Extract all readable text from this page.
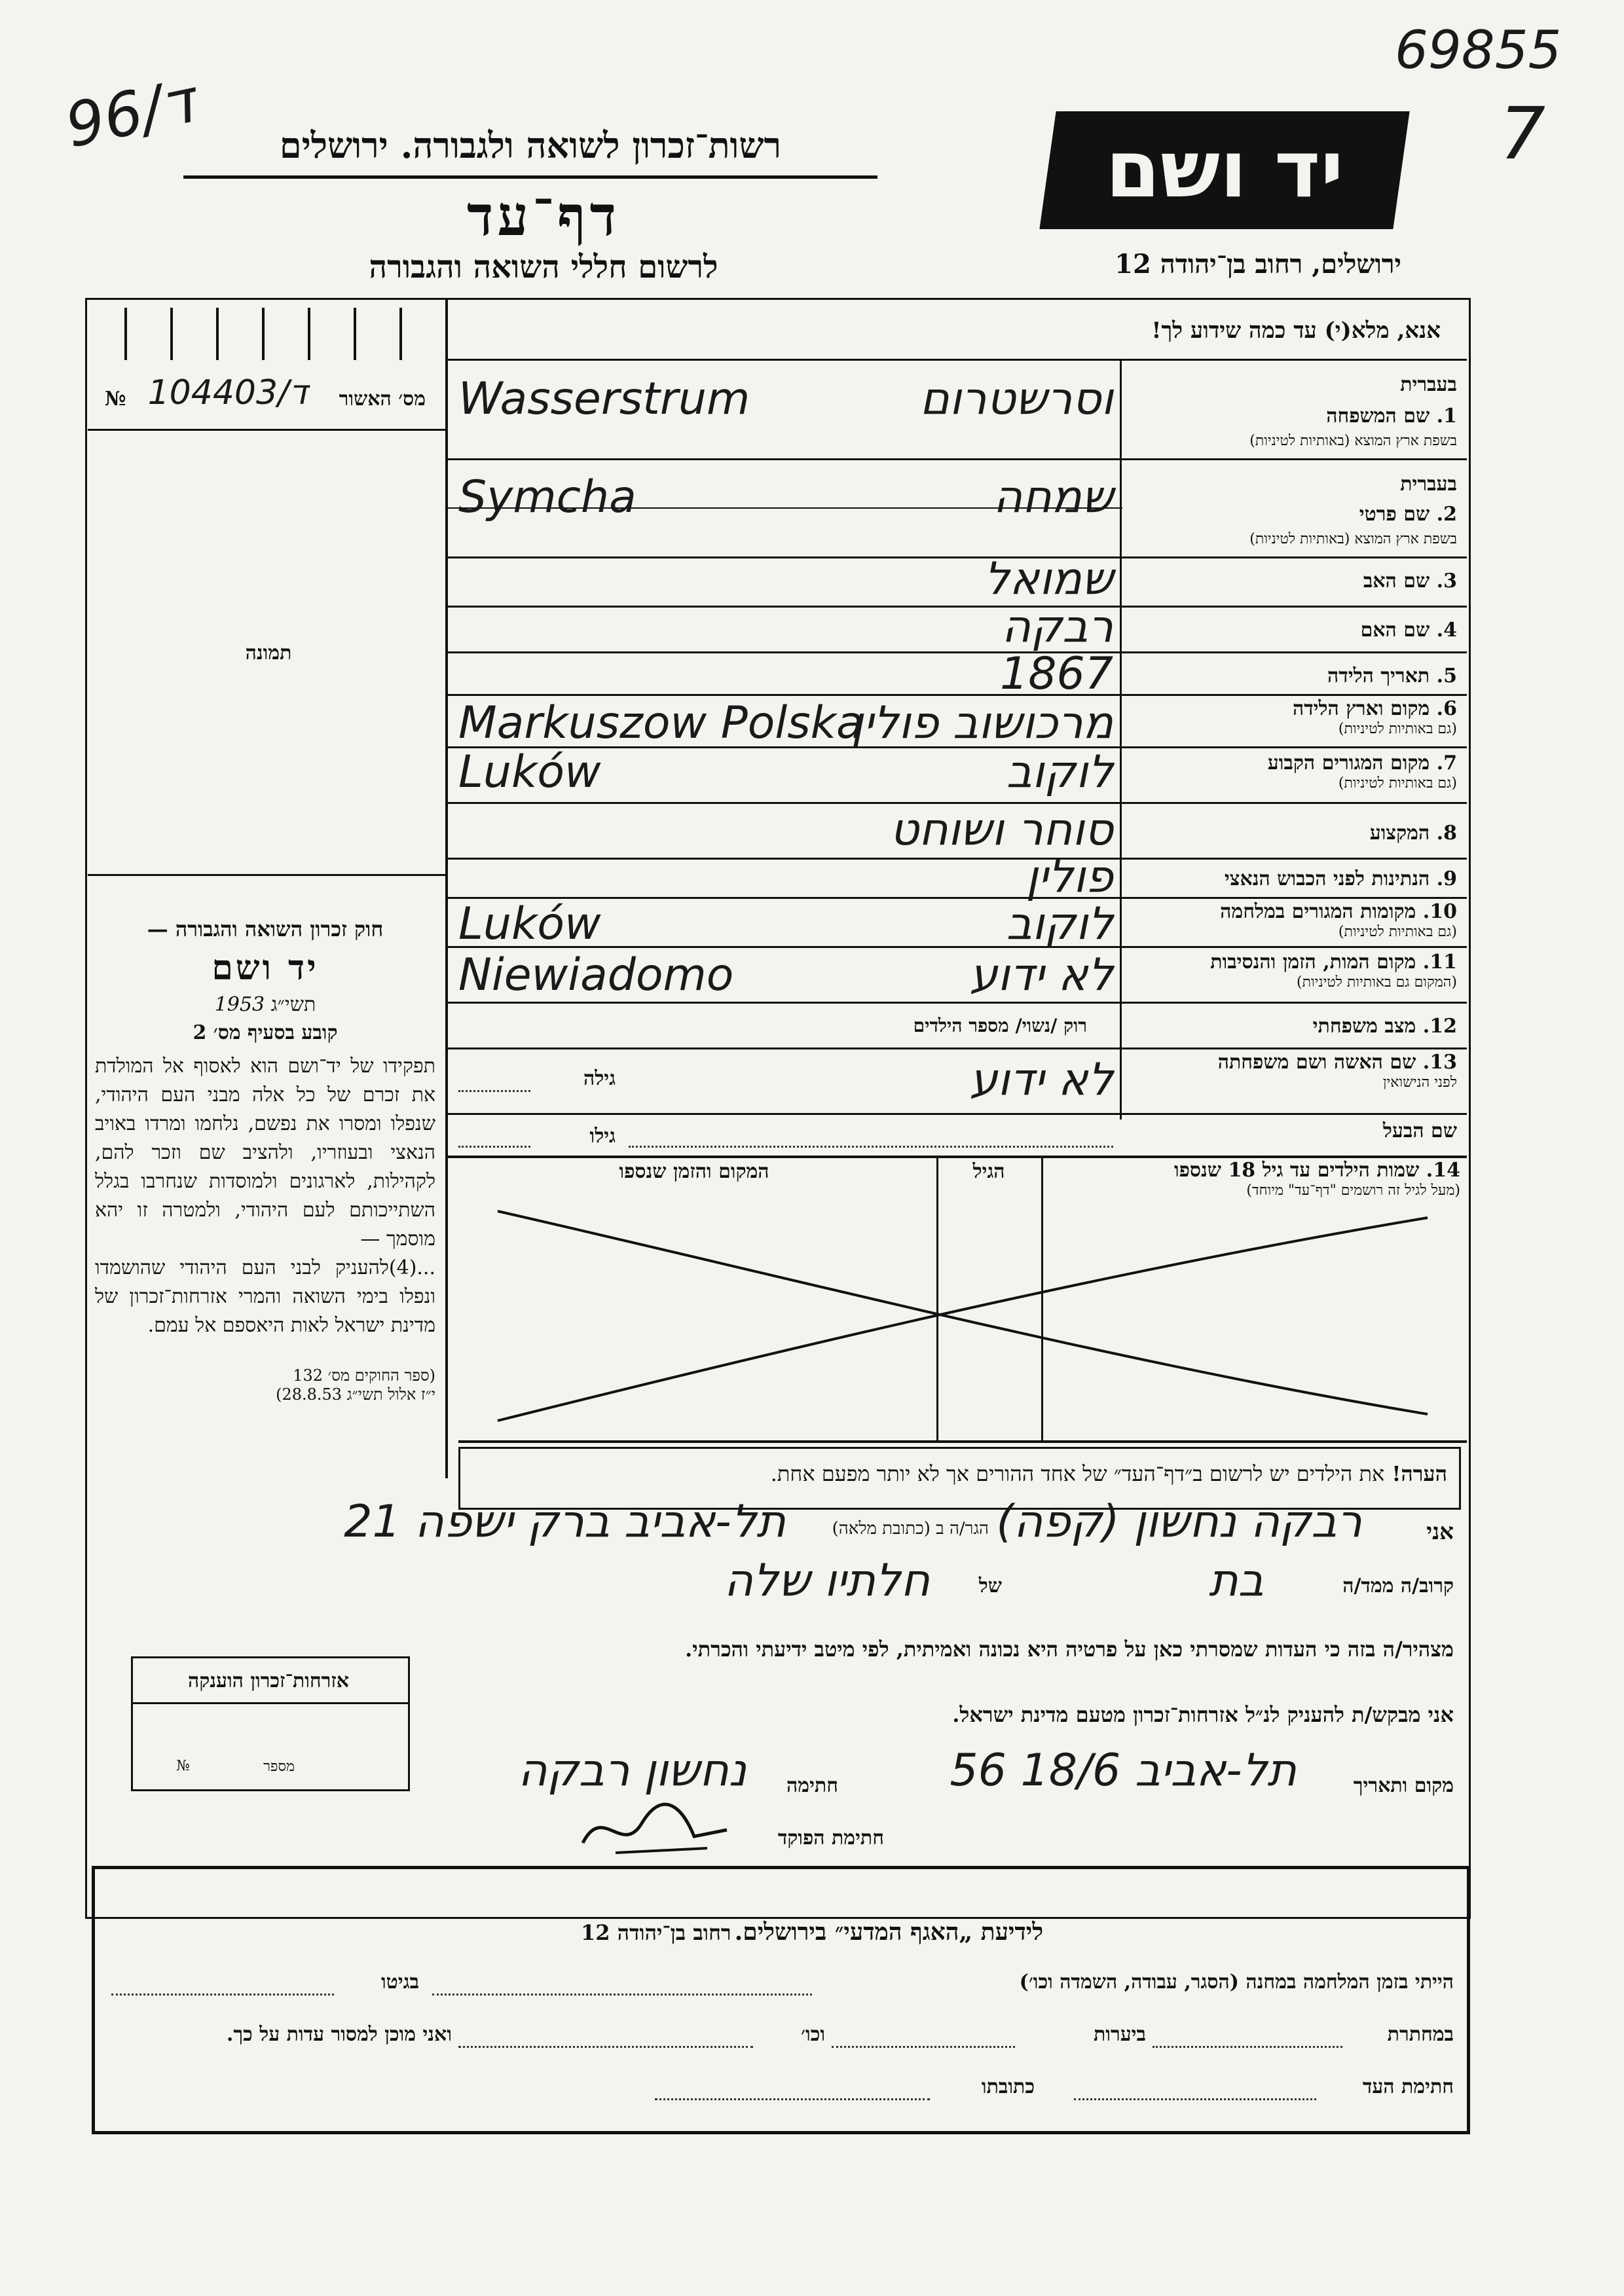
96/ד
69855
7
יד ושם
רשות־זכרון לשואה ולגבורה. ירושלים
דף־עד
לרשום חללי השואה והגבורה	ירושלים, רחוב בן־יהודה 12
אנא, מלא(י) עד כמה שידוע לך!
מס׳ האשור
ד/104403
№
תמונה
בעברית
1. שם המשפחה
בשפת ארץ המוצא (באותיות לטיניות)
בעברית
2. שם פרטי
בשפת ארץ המוצא (באותיות לטיניות)
3. שם האב
4. שם האם
5. תאריך הלידה
6. מקום וארץ הלידה
(גם באותיות לטיניות)
7. מקום המגורים הקבוע
(גם באותיות לטיניות)
8. המקצוע
9. הנתינות לפני הכבוש הנאצי
10. מקומות המגורים במלחמה
(גם באותיות לטיניות)
11. מקום המות, הזמן והנסיבות
(המקום גם באותיות לטיניות)
12. מצב משפחתי
13. שם האשה ושם משפחתה
לפני הנישואין
שם הבעל
וסרשטרום
Wasserstrum
שמחה
Symcha
שמואל
רבקה
1867
מרכושוב פולין
Markuszow Polska
לוקוב
Luków
סוחר ושוחט
פולין
לוקוב
Luków
לא ידוע
Niewiadomo
רוק /נשוי/ מספר הילדים
לא ידוע
גילה
גילו
14. שמות הילדים עד גיל 18 שנספו
(מעל לגיל זה רושמים "דף־עד" מיוחד)
הגיל
המקום והזמן שנספו
הערה! את הילדים יש לרשום ב״דף־העד״ של אחד ההורים אך לא יותר מפעם אחת.
חוק זכרון השואה והגבורה —
יד ושם
תשי״ג 1953
קובע בסעיף מס׳ 2
תפקידו של יד־ושם הוא לאסוף אל המולדת את זכרם של כל אלה מבני העם היהודי, שנפלו ומסרו את נפשם, נלחמו ומרדו באויב הנאצי ובעוזריו, ולהציב שם וזכר להם, לקהילות, לארגונים ולמוסדות שנחרבו בגלל השתייכותם לעם היהודי, ולמטרה זו יהא מוסמך —
...(4)להעניק לבני העם היהודי שהושמדו ונפלו בימי השואה והמרי אזרחות־זכרון של מדינת ישראל לאות היאספם אל עמם.
(ספר החוקים מס׳ 132
י״ז אלול תשי״ג 28.8.53)
אני
רבקה נחשון (קפה)
הגר/ה ב (כתובת מלאה)
תל-אביב ברק ישפה 21
קרוב/ה ממד/ה
בת
של
חלתיו שלה
מצהיר/ה בזה כי העדות שמסרתי כאן על פרטיה היא נכונה ואמיתית, לפי מיטב ידיעתי והכרתי.
אני מבקש/ת להעניק לנ״ל אזרחות־זכרון מטעם מדינת ישראל.
מקום ותאריך
תל-אביב 18/6 56
חתימה
נחשון רבקה
חתימת הפוקד
אזרחות־זכרון הוענקה
מספר
№
לידיעת „האגף המדעי״ בירושלים. רחוב בן־יהודה 12
הייתי בזמן המלחמה במחנה (הסגר, עבודה, השמדה וכו׳)
בגיטו
במחתרת
ביערות
וכו׳
ואני מוכן למסור עדות על כך.
חתימת העד
כתובתו
